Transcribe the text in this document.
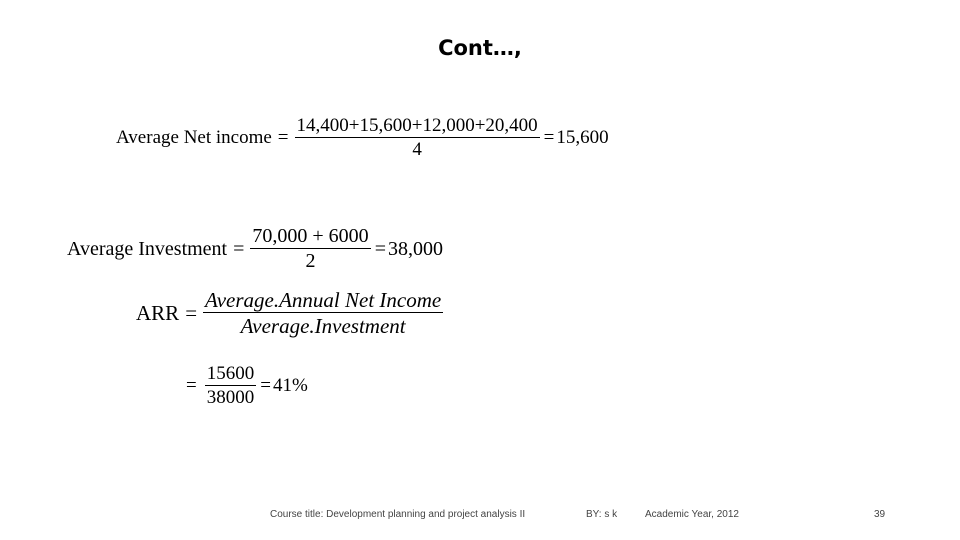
Cont…,
Average Net income = $\frac{14,400+15,600+12,000+20,400}{4} = 15,600$
Average Investment = $\frac{70,000 + 6000}{2} = 38,000$
ARR = $\frac{\text{Average.Annual Net Income}}{\text{Average.Investment}}$
= $\frac{15600}{38000} = 41\%$
Course title: Development planning and project analysis II	BY: s k	Academic Year, 2012	39
